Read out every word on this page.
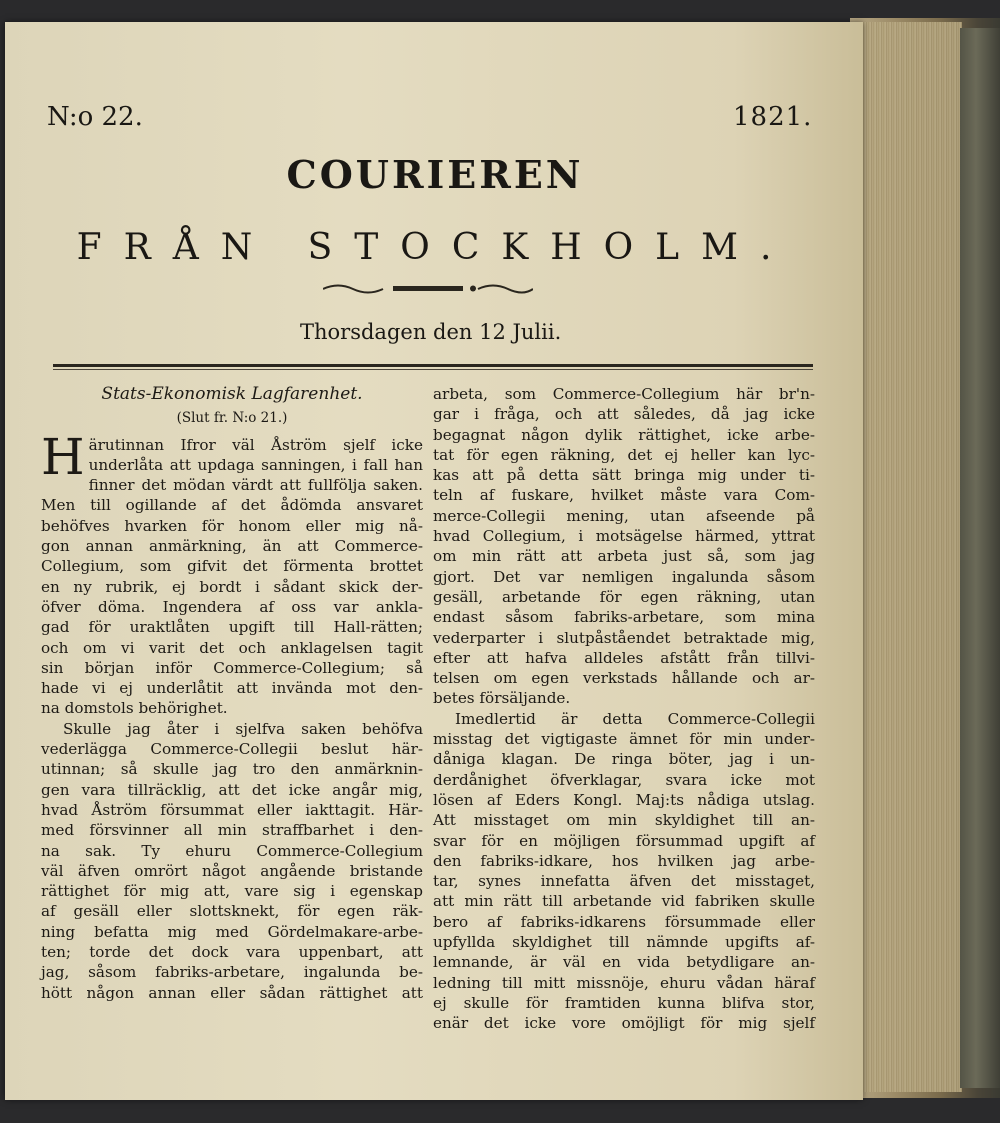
N:o 22.	1821.
COURIEREN
FRÅN STOCKHOLM.
Thorsdagen den 12 Julii.
Stats-Ekonomisk Lagfarenhet.
(Slut fr. N:o 21.)
H ärutinnan Ifror väl Åström sjelf icke
underlåta att updaga sanningen, i fall han
finner det mödan värdt att fullfölja saken.
Men till ogillande af det ådömda ansvaret
behöfves hvarken för honom eller mig nå-
gon annan anmärkning, än att Commerce-
Collegium, som gifvit det förmenta brottet
en ny rubrik, ej bordt i sådant skick der-
öfver döma. Ingendera af oss var ankla-
gad för uraktlåten upgift till Hall-rätten;
och om vi varit det och anklagelsen tagit
sin början inför Commerce-Collegium; så
hade vi ej underlåtit att invända mot den-
na domstols behörighet.
Skulle jag åter i sjelfva saken behöfva
vederlägga Commerce-Collegii beslut här-
utinnan; så skulle jag tro den anmärknin-
gen vara tillräcklig, att det icke angår mig,
hvad Åström försummat eller iakttagit. Här-
med försvinner all min straffbarhet i den-
na sak. Ty ehuru Commerce-Collegium
väl äfven omrört något angående bristande
rättighet för mig att, vare sig i egenskap
af gesäll eller slottsknekt, för egen räk-
ning befatta mig med Gördelmakare-arbe-
ten; torde det dock vara uppenbart, att
jag, såsom fabriks-arbetare, ingalunda be-
hött någon annan eller sådan rättighet att
arbeta, som Commerce-Collegium här br'n-
gar i fråga, och att således, då jag icke
begagnat någon dylik rättighet, icke arbe-
tat för egen räkning, det ej heller kan lyc-
kas att på detta sätt bringa mig under ti-
teln af fuskare, hvilket måste vara Com-
merce-Collegii mening, utan afseende på
hvad Collegium, i motsägelse härmed, yttrat
om min rätt att arbeta just så, som jag
gjort. Det var nemligen ingalunda såsom
gesäll, arbetande för egen räkning, utan
endast såsom fabriks-arbetare, som mina
vederparter i slutpåståendet betraktade mig,
efter att hafva alldeles afstått från tillvi-
telsen om egen verkstads hållande och ar-
betes försäljande.
Imedlertid är detta Commerce-Collegii
misstag det vigtigaste ämnet för min under-
dåniga klagan. De ringa böter, jag i un-
derdånighet öfverklagar, svara icke mot
lösen af Eders Kongl. Maj:ts nådiga utslag.
Att misstaget om min skyldighet till an-
svar för en möjligen försummad upgift af
den fabriks-idkare, hos hvilken jag arbe-
tar, synes innefatta äfven det misstaget,
att min rätt till arbetande vid fabriken skulle
bero af fabriks-idkarens försummade eller
upfyllda skyldighet till nämnde upgifts af-
lemnande, är väl en vida betydligare an-
ledning till mitt missnöje, ehuru vådan häraf
ej skulle för framtiden kunna blifva stor,
enär det icke vore omöjligt för mig sjelf
